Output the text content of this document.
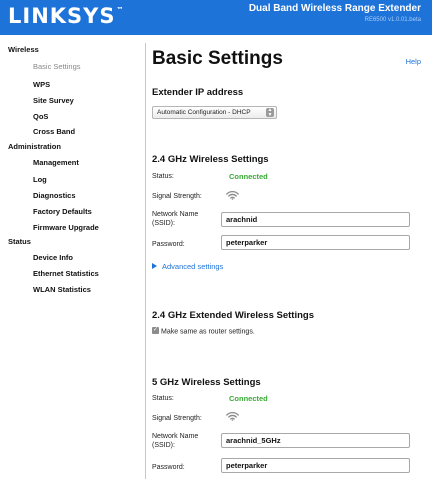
LINKSYS™	Dual Band Wireless Range Extender
RE6500 v1.0.01.beta
Wireless
Basic Settings
WPS
Site Survey
QoS
Cross Band
Administration
Management
Log
Diagnostics
Factory Defaults
Firmware Upgrade
Status
Device Info
Ethernet Statistics
WLAN Statistics
Basic Settings	Help
Extender IP address
Automatic Configuration - DHCP	▲
▼
2.4 GHz Wireless Settings
Status:	Connected
Signal Strength:
Network Name
(SSID):
arachnid
Password:
peterparker
Advanced settings
2.4 GHz Extended Wireless Settings
✓ Make same as router settings.
5 GHz Wireless Settings
Status:	Connected
Signal Strength:
Network Name
(SSID):
arachnid_5GHz
Password:
peterparker
